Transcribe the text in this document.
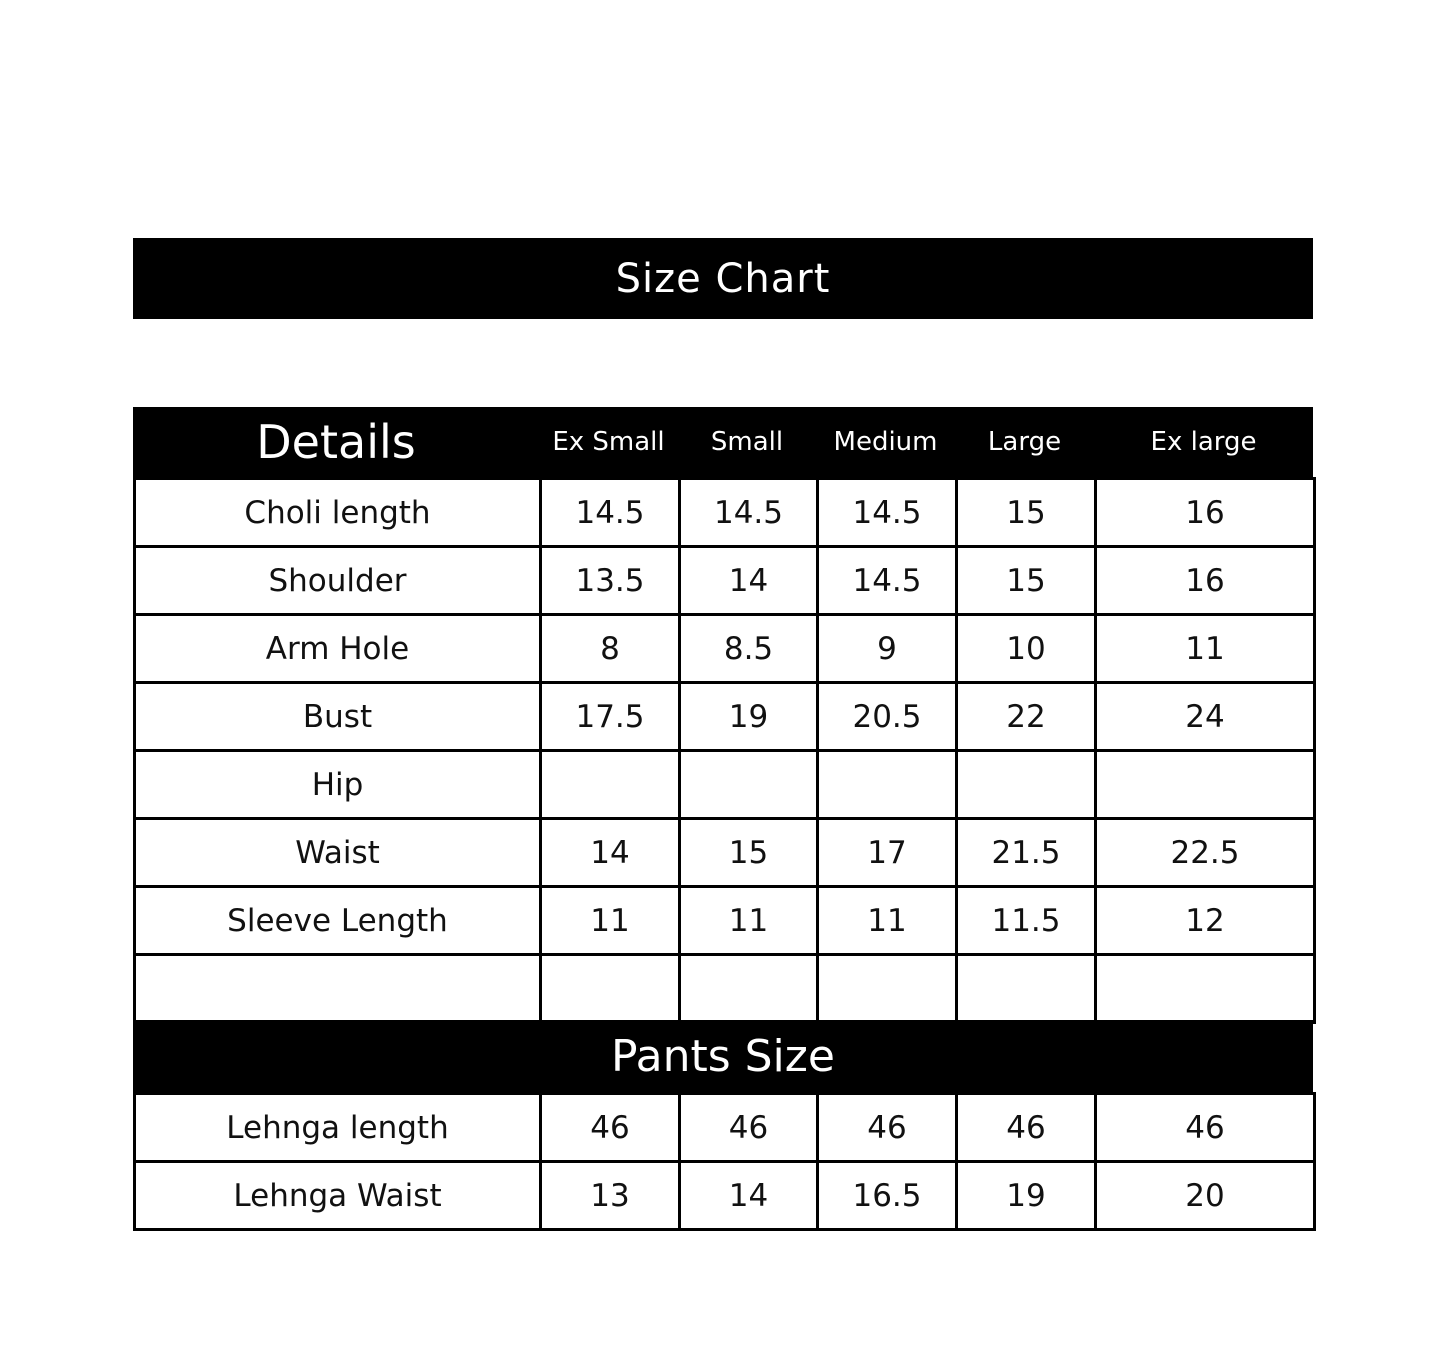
Size Chart
Details	Ex Small	Small	Medium	Large	Ex large
Choli length	14.5	14.5	14.5	15	16
Shoulder	13.5	14	14.5	15	16
Arm Hole	8	8.5	9	10	11
Bust	17.5	19	20.5	22	24
Hip
Waist	14	15	17	21.5	22.5
Sleeve Length	11	11	11	11.5	12
Lehnga length	46	46	46	46	46
Lehnga Waist	13	14	16.5	19	20
Pants Size
